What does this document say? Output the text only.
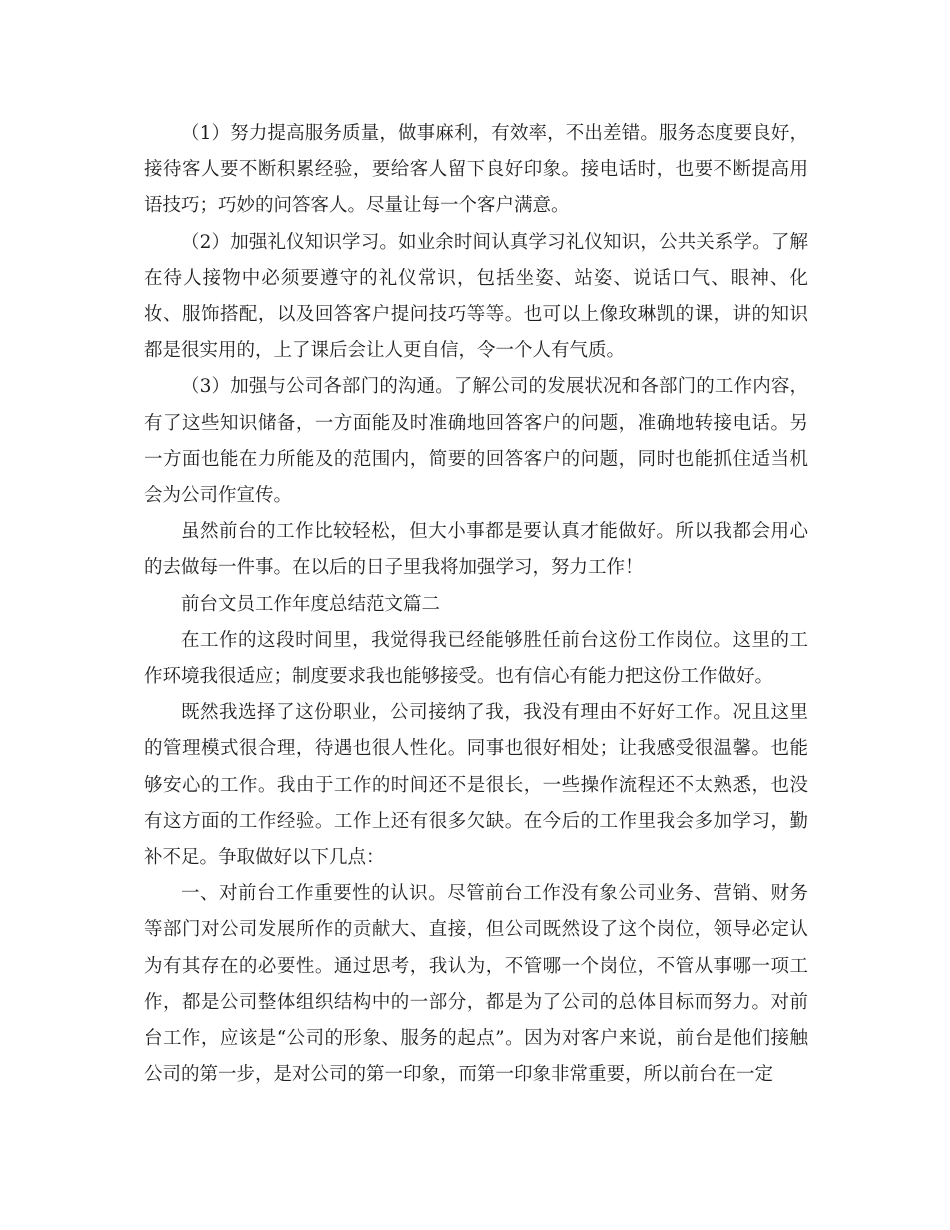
（1）努力提高服务质量，做事麻利，有效率，不出差错。服务态度要良好，接待客人要不断积累经验，要给客人留下良好印象。接电话时，也要不断提高用语技巧；巧妙的问答客人。尽量让每一个客户满意。

（2）加强礼仪知识学习。如业余时间认真学习礼仪知识，公共关系学。了解在待人接物中必须要遵守的礼仪常识，包括坐姿、站姿、说话口气、眼神、化妆、服饰搭配，以及回答客户提问技巧等等。也可以上像玫琳凯的课，讲的知识都是很实用的，上了课后会让人更自信，令一个人有气质。

（3）加强与公司各部门的沟通。了解公司的发展状况和各部门的工作内容，有了这些知识储备，一方面能及时准确地回答客户的问题，准确地转接电话。另一方面也能在力所能及的范围内，简要的回答客户的问题，同时也能抓住适当机会为公司作宣传。

虽然前台的工作比较轻松，但大小事都是要认真才能做好。所以我都会用心的去做每一件事。在以后的日子里我将加强学习，努力工作！

前台文员工作年度总结范文篇二

在工作的这段时间里，我觉得我已经能够胜任前台这份工作岗位。这里的工作环境我很适应；制度要求我也能够接受。也有信心有能力把这份工作做好。

既然我选择了这份职业，公司接纳了我，我没有理由不好好工作。况且这里的管理模式很合理，待遇也很人性化。同事也很好相处；让我感受很温馨。也能够安心的工作。我由于工作的时间还不是很长，一些操作流程还不太熟悉，也没有这方面的工作经验。工作上还有很多欠缺。在今后的工作里我会多加学习，勤补不足。争取做好以下几点：

一、对前台工作重要性的认识。尽管前台工作没有象公司业务、营销、财务等部门对公司发展所作的贡献大、直接，但公司既然设了这个岗位，领导必定认为有其存在的必要性。通过思考，我认为，不管哪一个岗位，不管从事哪一项工作，都是公司整体组织结构中的一部分，都是为了公司的总体目标而努力。对前台工作，应该是“公司的形象、服务的起点”。因为对客户来说，前台是他们接触公司的第一步，是对公司的第一印象，而第一印象非常重要，所以前台在一定
